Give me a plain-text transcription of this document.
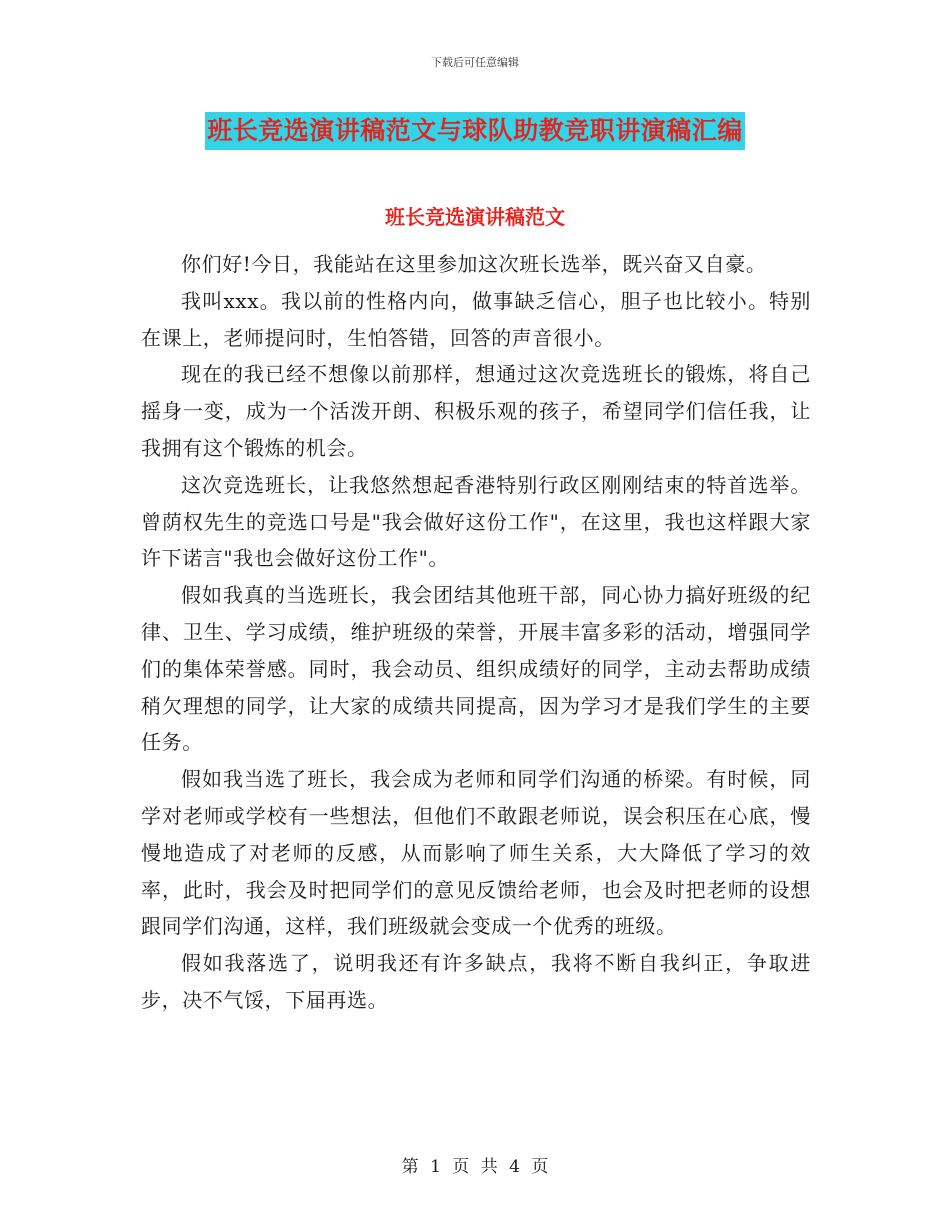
下载后可任意编辑
班长竞选演讲稿范文与球队助教竞职讲演稿汇编
班长竞选演讲稿范文

你们好!今日，我能站在这里参加这次班长选举，既兴奋又自豪。

我叫xxx。我以前的性格内向，做事缺乏信心，胆子也比较小。特别在课上，老师提问时，生怕答错，回答的声音很小。

现在的我已经不想像以前那样，想通过这次竞选班长的锻炼，将自己摇身一变，成为一个活泼开朗、积极乐观的孩子，希望同学们信任我，让我拥有这个锻炼的机会。

这次竞选班长，让我悠然想起香港特别行政区刚刚结束的特首选举。曾荫权先生的竞选口号是"我会做好这份工作"，在这里，我也这样跟大家许下诺言"我也会做好这份工作"。

假如我真的当选班长，我会团结其他班干部，同心协力搞好班级的纪律、卫生、学习成绩，维护班级的荣誉，开展丰富多彩的活动，增强同学们的集体荣誉感。同时，我会动员、组织成绩好的同学，主动去帮助成绩稍欠理想的同学，让大家的成绩共同提高，因为学习才是我们学生的主要任务。

假如我当选了班长，我会成为老师和同学们沟通的桥梁。有时候，同学对老师或学校有一些想法，但他们不敢跟老师说，误会积压在心底，慢慢地造成了对老师的反感，从而影响了师生关系，大大降低了学习的效率，此时，我会及时把同学们的意见反馈给老师，也会及时把老师的设想跟同学们沟通，这样，我们班级就会变成一个优秀的班级。

假如我落选了，说明我还有许多缺点，我将不断自我纠正，争取进步，决不气馁，下届再选。

第 1 页 共 4 页
